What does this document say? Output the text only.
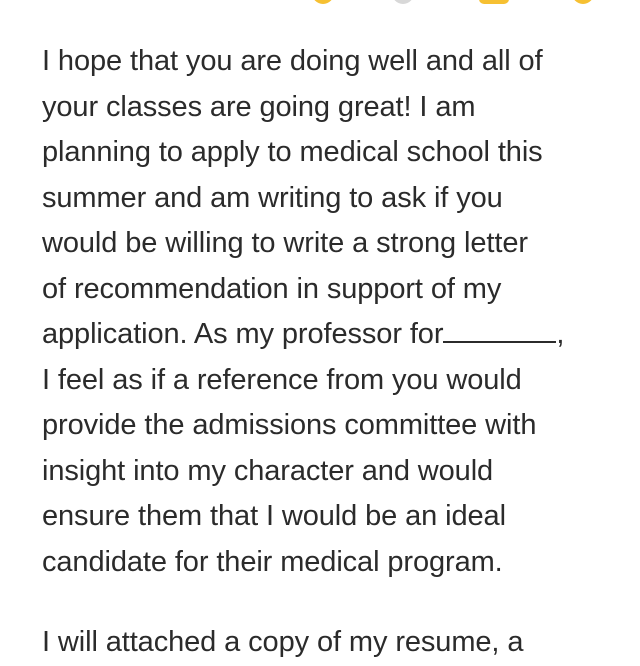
I hope that you are doing well and all of
your classes are going great! I am
planning to apply to medical school this
summer and am writing to ask if you
would be willing to write a strong letter
of recommendation in support of my
application. As my professor for	,
I feel as if a reference from you would
provide the admissions committee with
insight into my character and would
ensure them that I would be an ideal
candidate for their medical program.
I will attached a copy of my resume, a
